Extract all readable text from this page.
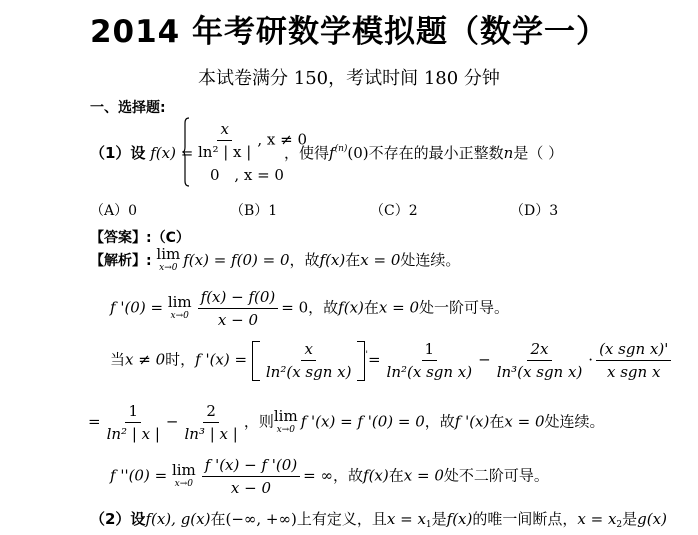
2014 年考研数学模拟题（数学一）
本试卷满分 150，考试时间 180 分钟
一、选择题:
（1）设 $f(x) = \frac{x}{\text{ln² | x |}}$ , x ≠ 0
0 , x = 0
，使得$f^{(n)}(0)$不存在的最小正整数n是（ ）
（A）0	（B）1	（C）2	（D）3
【答案】:（C）
【解析】: lim
x→0 f(x) = f(0) = 0，故f(x)在x = 0处连续。
f '(0) = lim
$x\to 0 \frac{f(x) - f(0)}{x - 0} = 0$，故f(x)在x = 0处一阶可导。
当x ≠ 0时，f '(x) =
x
ln²(x sgn x)
'=
1
ln²(x sgn x)
−
2x
ln³(x sgn x)
·
(x sgn x)'
x sgn x
= $\frac{1}{\text{ln² | x |}} - \frac{2}{\text{ln³ | x |}}$ ，则 lim
x→0 f '(x) = f '(0) = 0，故f '(x)在x = 0处连续。
f ''(0) = lim
$x\to 0 \frac{f '(x) - f '(0)}{x - 0}$ = ∞，故f(x)在x = 0处不二阶可导。
（2）设f(x), g(x)在(−∞, +∞)上有定义，且$x = x_1$是f(x)的唯一间断点，$x = x_2$是g(x)
